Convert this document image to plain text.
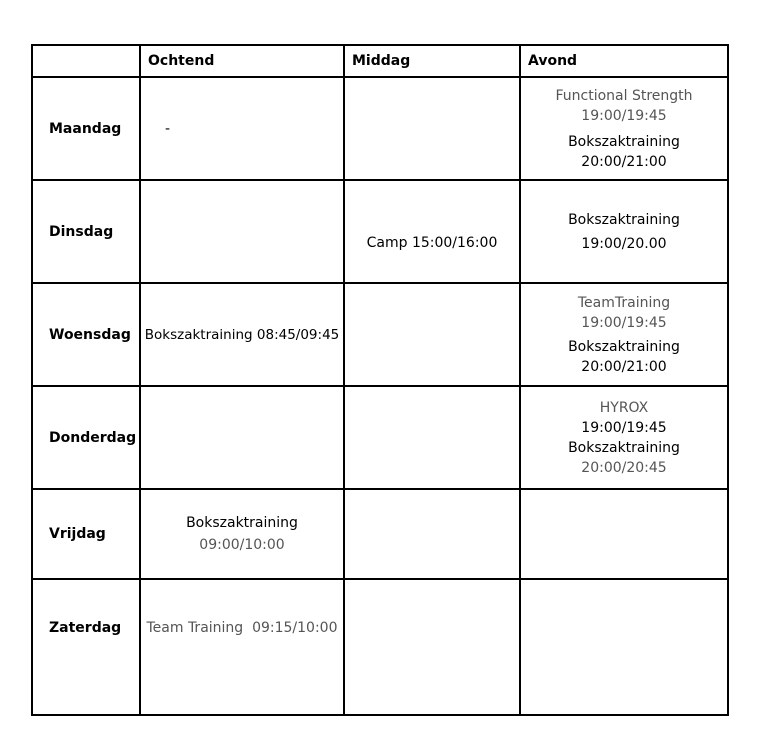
	Ochtend	Middag	Avond
Maandag	-		Functional Strength
19:00/19:45
Bokszaktraining
20:00/21:00

Dinsdag		Camp 15:00/16:00	Bokszaktraining
19:00/20.00

Woensdag	Bokszaktraining 08:45/09:45		TeamTraining
19:00/19:45
Bokszaktraining
20:00/21:00

Donderdag			HYROX
19:00/19:45
Bokszaktraining
20:00/20:45

Vrijdag	Bokszaktraining
09:00/10:00		

Zaterdag	Team Training  09:15/10:00		
